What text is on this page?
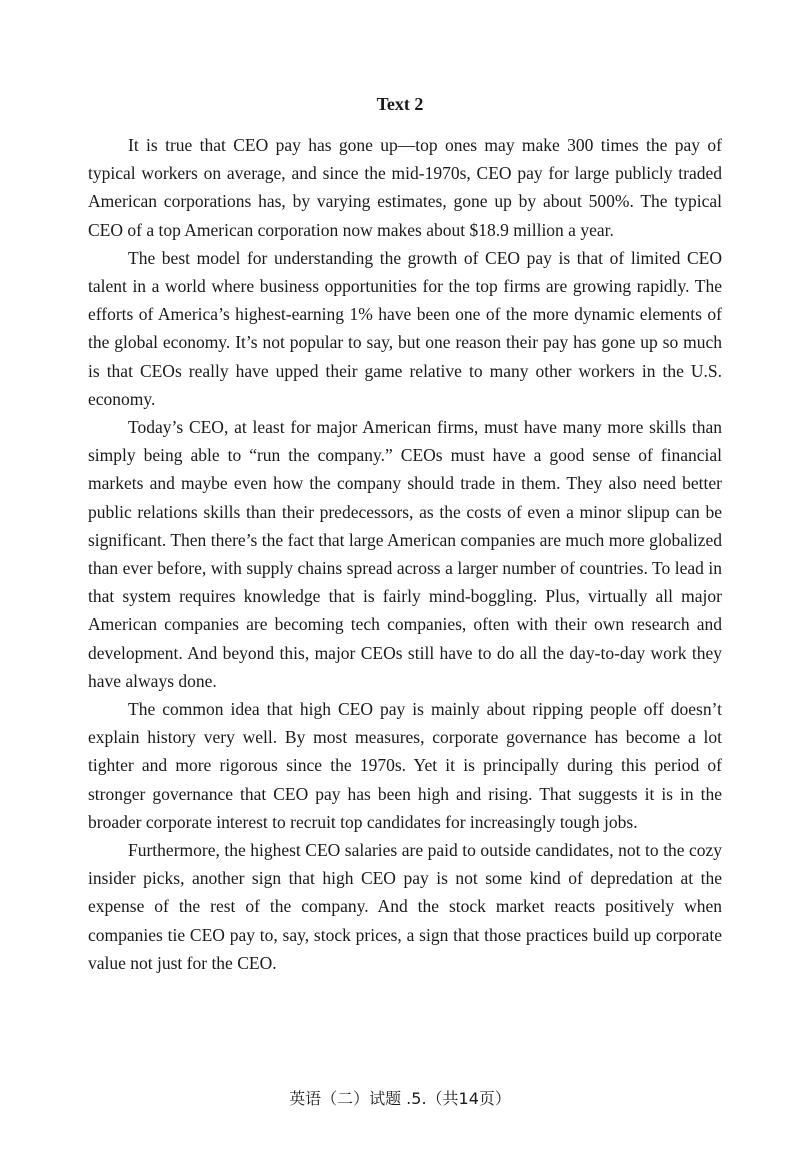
Text 2

It is true that CEO pay has gone up—top ones may make 300 times the pay of typical workers on average, and since the mid-1970s, CEO pay for large publicly traded American corporations has, by varying estimates, gone up by about 500%. The typical CEO of a top American corporation now makes about $18.9 million a year.

The best model for understanding the growth of CEO pay is that of limited CEO talent in a world where business opportunities for the top firms are growing rapidly. The efforts of America’s highest-earning 1% have been one of the more dynamic elements of the global economy. It’s not popular to say, but one reason their pay has gone up so much is that CEOs really have upped their game relative to many other workers in the U.S. economy.

Today’s CEO, at least for major American firms, must have many more skills than simply being able to “run the company.” CEOs must have a good sense of financial markets and maybe even how the company should trade in them. They also need better public relations skills than their predecessors, as the costs of even a minor slipup can be significant. Then there’s the fact that large American companies are much more globalized than ever before, with supply chains spread across a larger number of countries. To lead in that system requires knowledge that is fairly mind-boggling. Plus, virtually all major American companies are becoming tech companies, often with their own research and development. And beyond this, major CEOs still have to do all the day-to-day work they have always done.

The common idea that high CEO pay is mainly about ripping people off doesn’t explain history very well. By most measures, corporate governance has become a lot tighter and more rigorous since the 1970s. Yet it is principally during this period of stronger governance that CEO pay has been high and rising. That suggests it is in the broader corporate interest to recruit top candidates for increasingly tough jobs.

Furthermore, the highest CEO salaries are paid to outside candidates, not to the cozy insider picks, another sign that high CEO pay is not some kind of depredation at the expense of the rest of the company. And the stock market reacts positively when companies tie CEO pay to, say, stock prices, a sign that those practices build up corporate value not just for the CEO.

英语（二）试题 .5.（共14页）
